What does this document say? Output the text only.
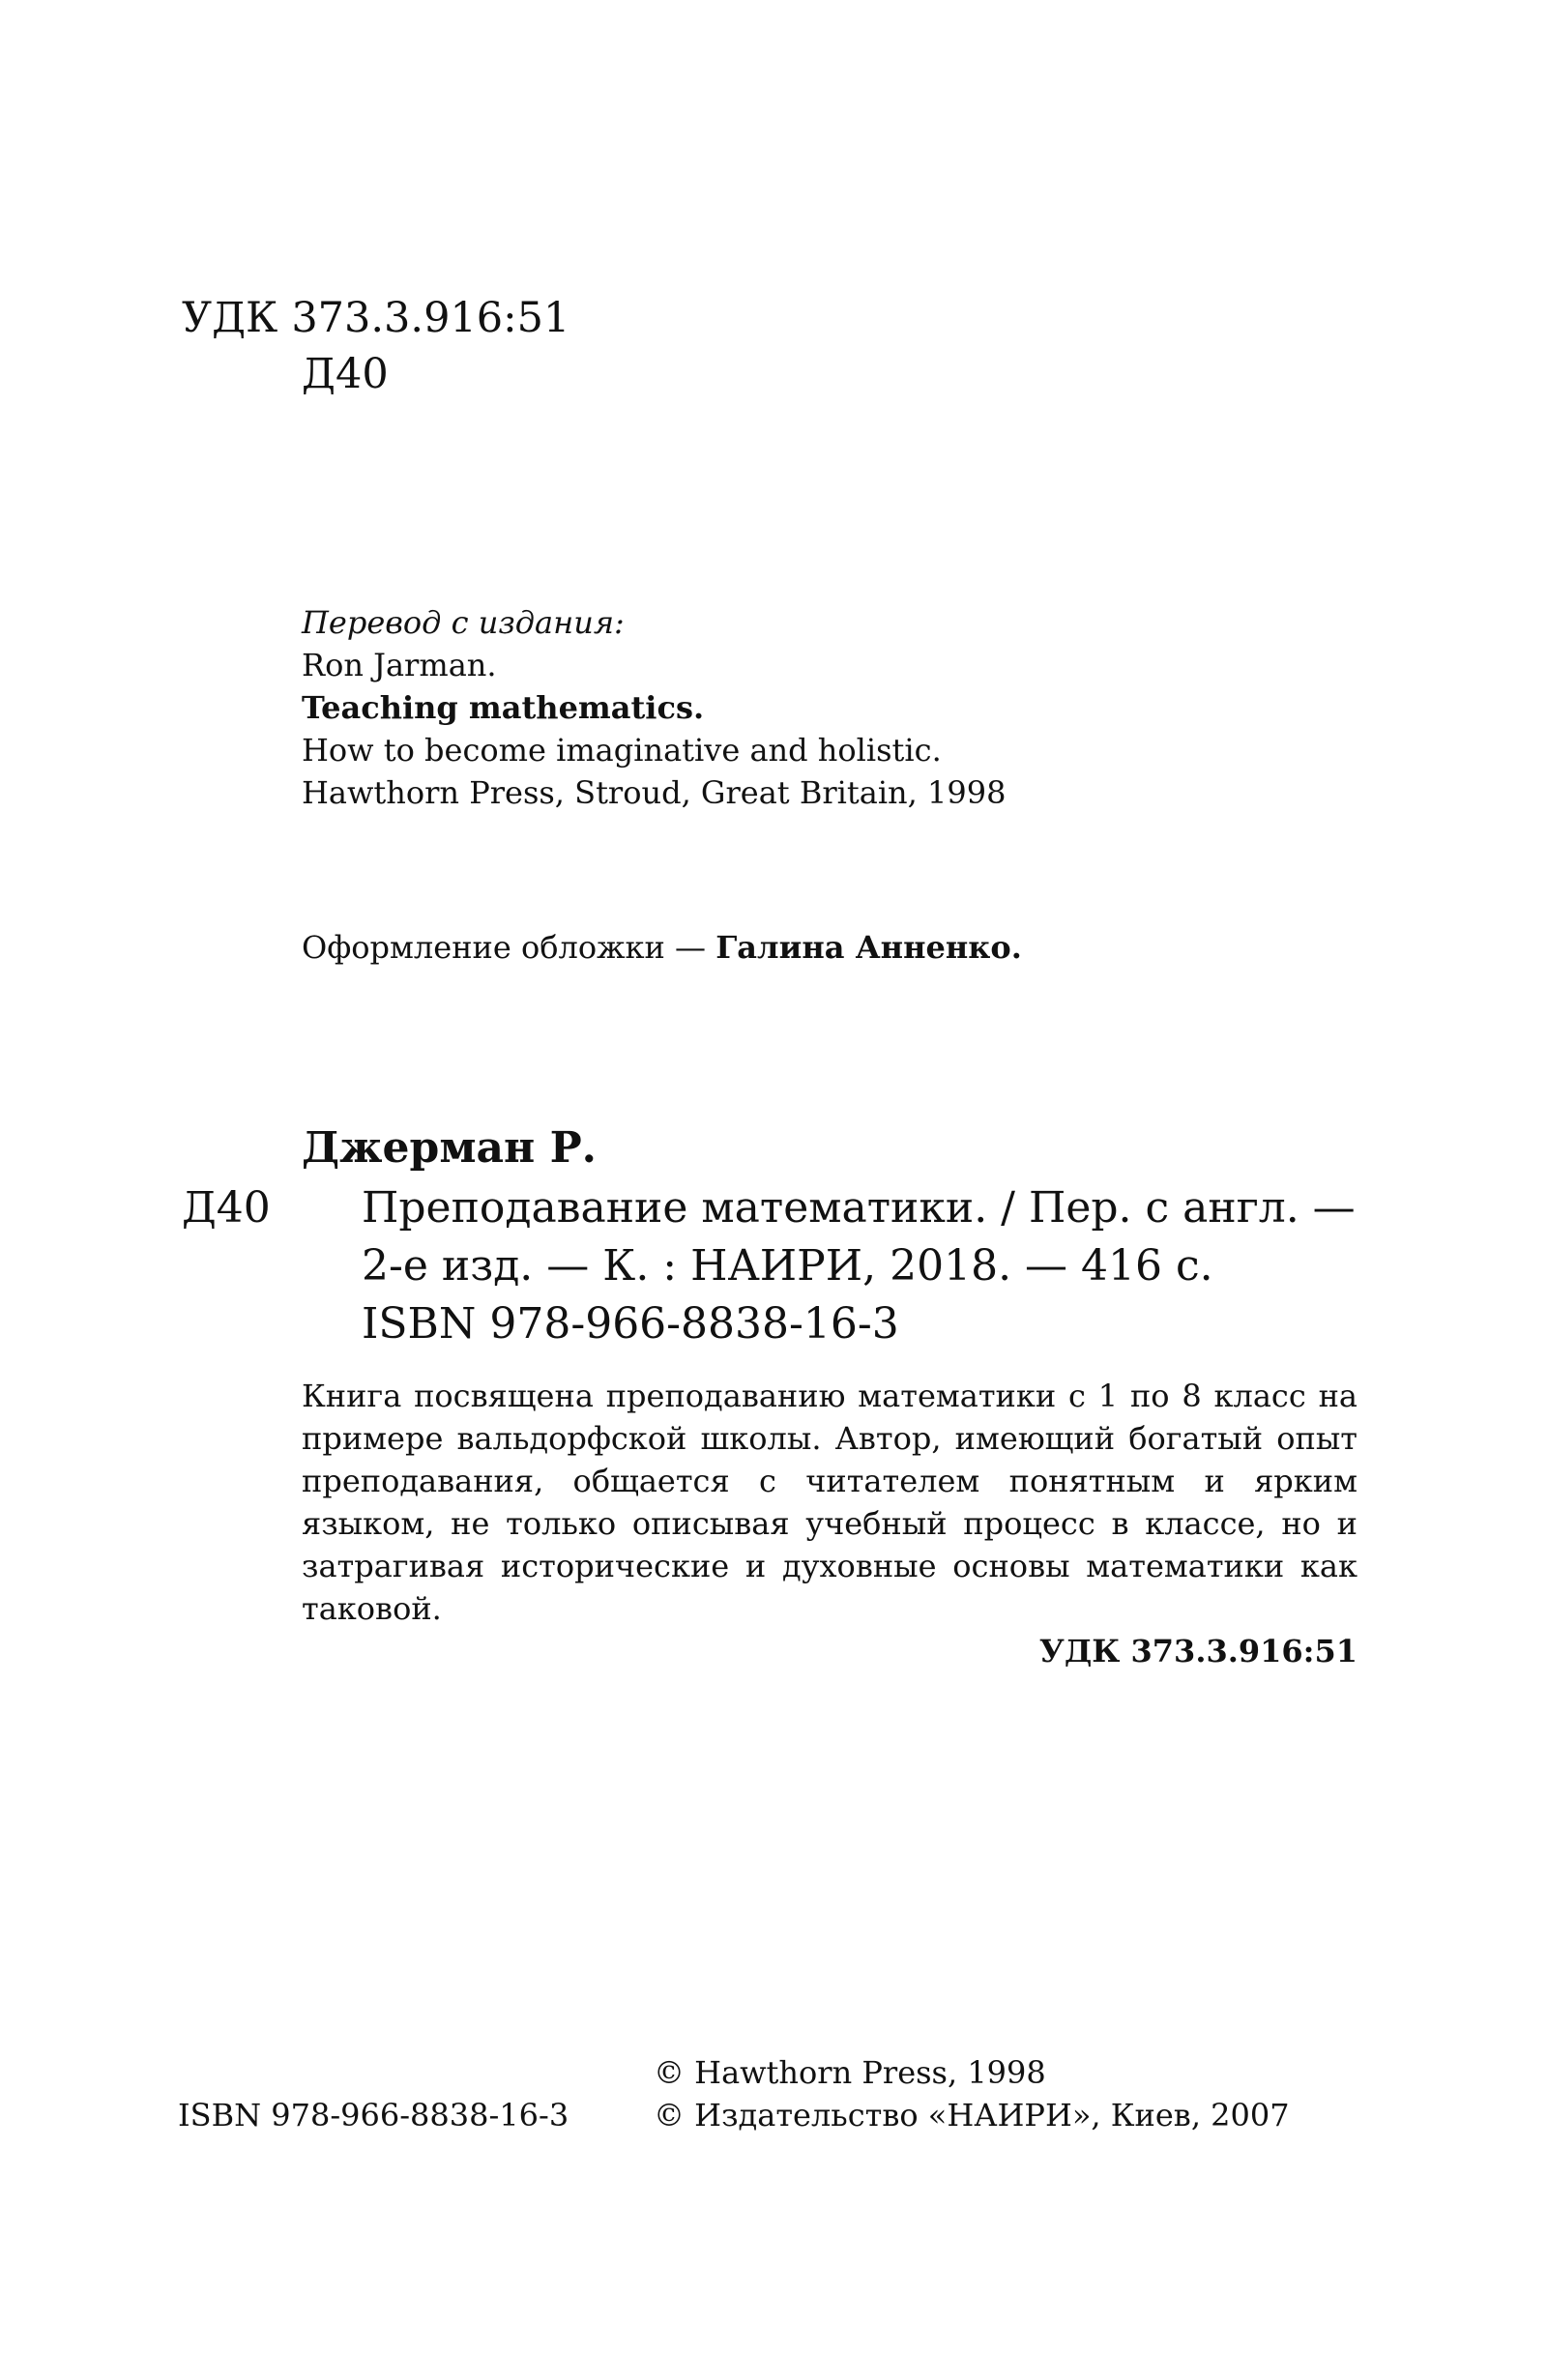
УДК 373.3.916:51
Д40
Перевод с издания:
Ron Jarman.
Teaching mathematics.
How to become imaginative and holistic.
Hawthorn Press, Stroud, Great Britain, 1998
Оформление обложки — Галина Анненко.
Джерман Р.
Д40 Преподавание математики. / Пер. с англ. —
2-е изд. — К. : НАИРИ, 2018. — 416 с.
ISBN 978-966-8838-16-3
Книга посвящена преподаванию математики с 1 по 8 класс на примере вальдорфской школы. Автор, имеющий богатый опыт преподавания, общается с читателем понятным и ярким языком, не только описывая учебный процесс в классе, но и затрагивая исторические и духовные основы математики как таковой.
УДК 373.3.916:51
ISBN 978-966-8838-16-3
© Hawthorn Press, 1998
© Издательство «НАИРИ», Киев, 2007
